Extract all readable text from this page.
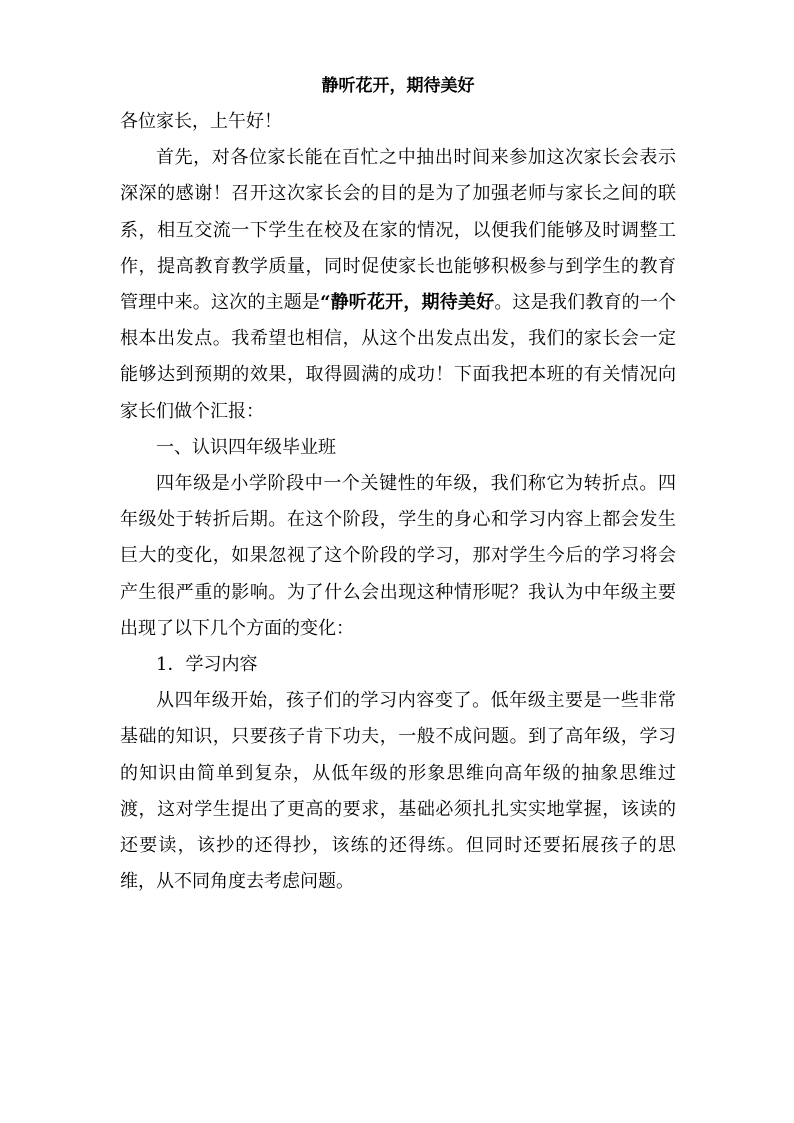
静听花开，期待美好

各位家长，上午好！

首先，对各位家长能在百忙之中抽出时间来参加这次家长会表示深深的感谢！召开这次家长会的目的是为了加强老师与家长之间的联系，相互交流一下学生在校及在家的情况，以便我们能够及时调整工作，提高教育教学质量，同时促使家长也能够积极参与到学生的教育管理中来。这次的主题是“静听花开，期待美好。这是我们教育的一个根本出发点。我希望也相信，从这个出发点出发，我们的家长会一定能够达到预期的效果，取得圆满的成功！下面我把本班的有关情况向家长们做个汇报：

一、认识四年级毕业班

四年级是小学阶段中一个关键性的年级，我们称它为转折点。四年级处于转折后期。在这个阶段，学生的身心和学习内容上都会发生巨大的变化，如果忽视了这个阶段的学习，那对学生今后的学习将会产生很严重的影响。为了什么会出现这种情形呢？我认为中年级主要出现了以下几个方面的变化：

1．学习内容

从四年级开始，孩子们的学习内容变了。低年级主要是一些非常基础的知识，只要孩子肯下功夫，一般不成问题。到了高年级，学习的知识由简单到复杂，从低年级的形象思维向高年级的抽象思维过渡，这对学生提出了更高的要求，基础必须扎扎实实地掌握，该读的还要读，该抄的还得抄，该练的还得练。但同时还要拓展孩子的思维，从不同角度去考虑问题。
